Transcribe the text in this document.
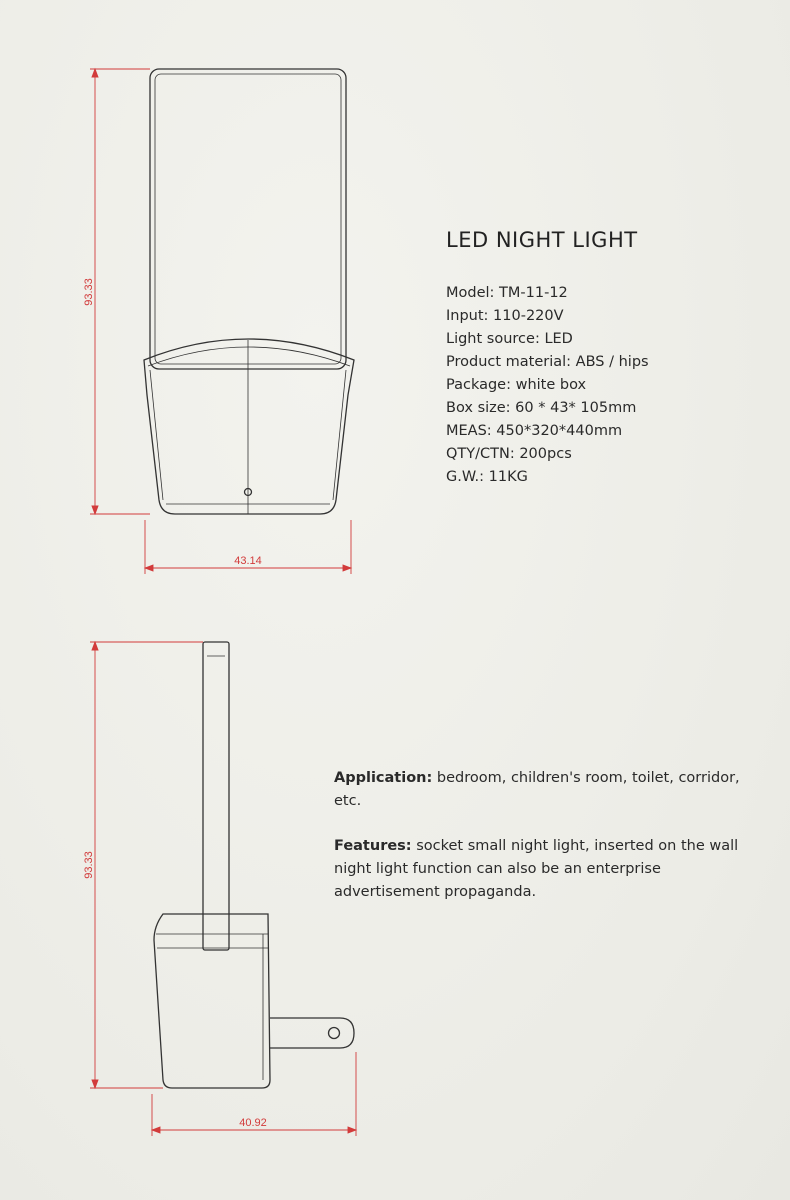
93.33
43.14
93.33
40.92
LED NIGHT LIGHT
Model: TM-11-12
Input: 110-220V
Light source: LED
Product material: ABS / hips
Package: white box
Box size: 60 * 43* 105mm
MEAS: 450*320*440mm
QTY/CTN: 200pcs
G.W.: 11KG

Application: bedroom, children's room, toilet, corridor, etc.

Features: socket small night light, inserted on the wall night light function can also be an enterprise advertisement propaganda.
